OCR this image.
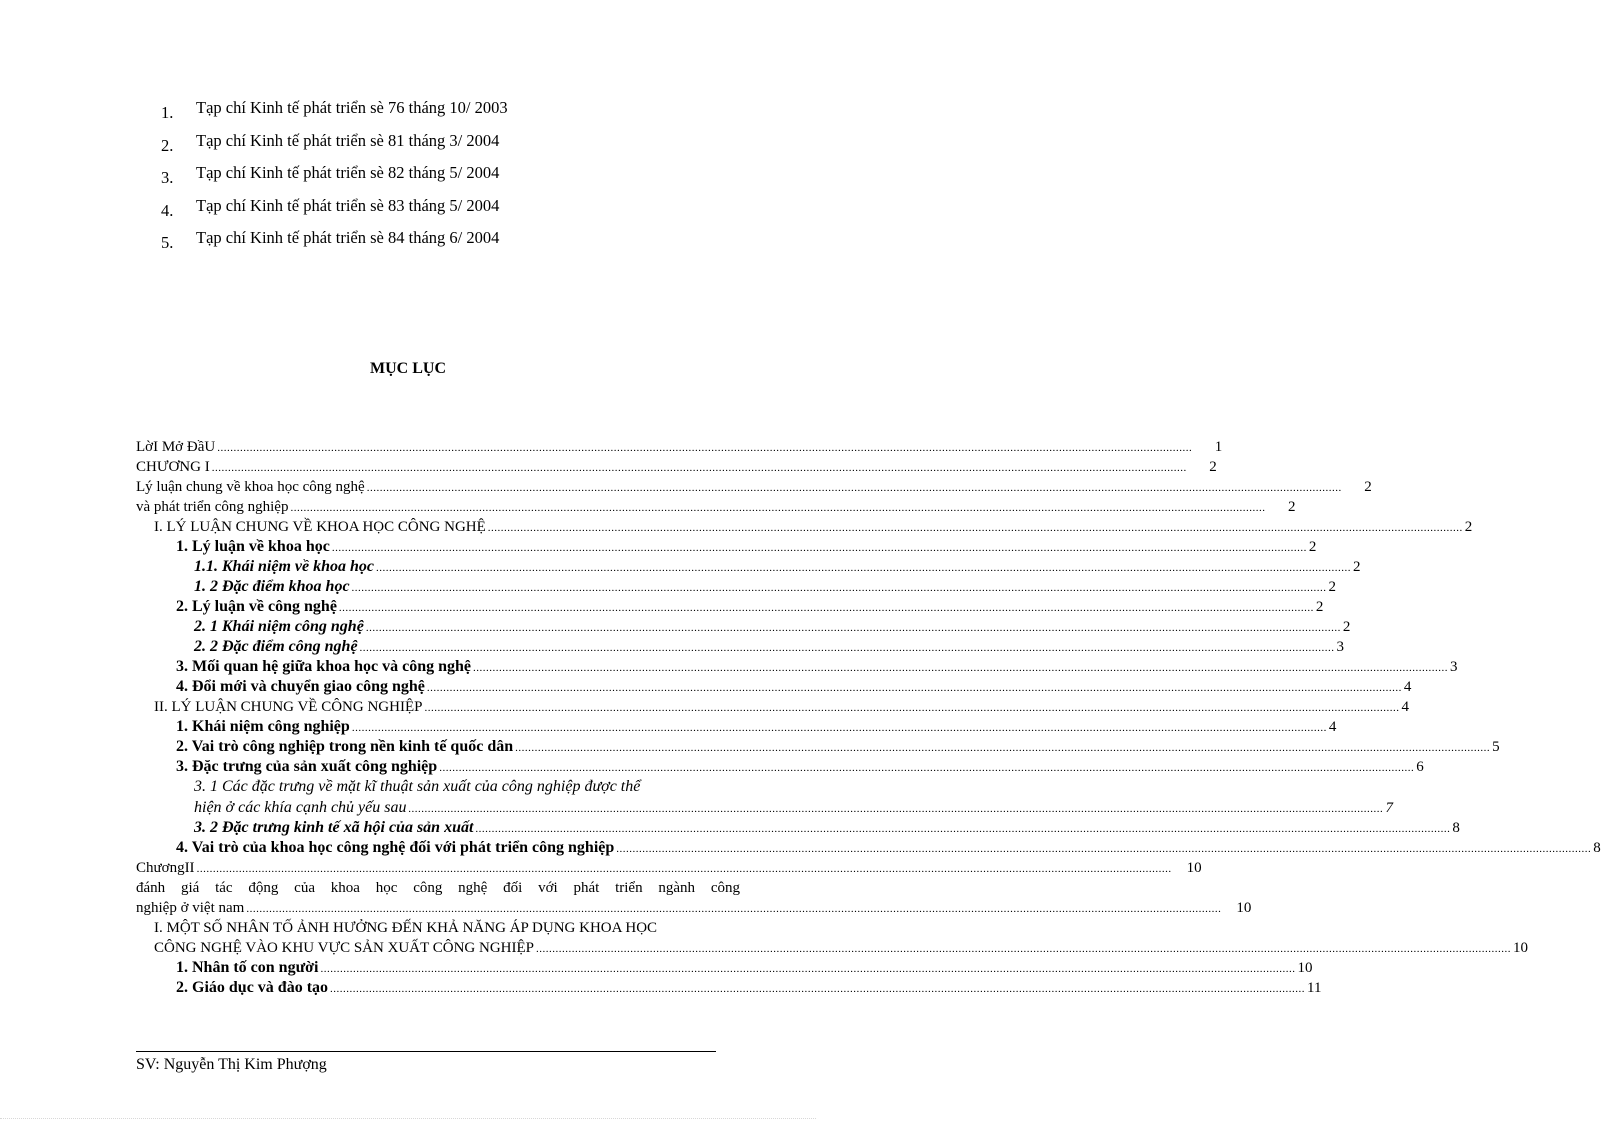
1. Tạp chí Kinh tế phát triển sè 76 tháng 10/ 2003
2. Tạp chí Kinh tế phát triển sè 81 tháng 3/ 2004
3. Tạp chí Kinh tế phát triển sè 82 tháng 5/ 2004
4. Tạp chí Kinh tế phát triển sè 83 tháng 5/ 2004
5. Tạp chí Kinh tế phát triển sè 84 tháng 6/ 2004
MỤC LỤC
LờI Mở ĐầU ............................................................................................................................................................................................................................................................................................................	1
CHƯƠNG I ............................................................................................................................................................................................................................................................................................................	2
Lý luận chung về khoa học công nghệ ............................................................................................................................................................................................................................................................................................................	2
và phát triển công nghiệp ............................................................................................................................................................................................................................................................................................................	2
I. LÝ LUẬN CHUNG VỀ KHOA HỌC CÔNG NGHỆ ............................................................................................................................................................................................................................................................................................................ 2
1. Lý luận về khoa học ............................................................................................................................................................................................................................................................................................................ 2
1.1. Khái niệm về khoa học ............................................................................................................................................................................................................................................................................................................ 2
1. 2 Đặc điểm khoa học ............................................................................................................................................................................................................................................................................................................ 2
2. Lý luận về công nghệ ............................................................................................................................................................................................................................................................................................................ 2
2. 1 Khái niệm công nghệ ............................................................................................................................................................................................................................................................................................................ 2
2. 2 Đặc điểm công nghệ ............................................................................................................................................................................................................................................................................................................ 3
3. Mối quan hệ giữa khoa học và công nghệ ............................................................................................................................................................................................................................................................................................................ 3
4. Đổi mới và chuyển giao công nghệ ............................................................................................................................................................................................................................................................................................................ 4
II. LÝ LUẬN CHUNG VỀ CÔNG NGHIỆP ............................................................................................................................................................................................................................................................................................................ 4
1. Khái niệm công nghiệp ............................................................................................................................................................................................................................................................................................................ 4
2. Vai trò công nghiệp trong nền kinh tế quốc dân ............................................................................................................................................................................................................................................................................................................ 5
3. Đặc trưng của sản xuất công nghiệp ............................................................................................................................................................................................................................................................................................................ 6
3. 1 Các đặc trưng về mặt kĩ thuật sản xuất của công nghiệp được thể
hiện ở các khía cạnh chủ yếu sau ............................................................................................................................................................................................................................................................................................................ 7
3. 2 Đặc trưng kinh tế xã hội của sản xuất ............................................................................................................................................................................................................................................................................................................ 8
4. Vai trò của khoa học công nghệ đối với phát triển công nghiệp ............................................................................................................................................................................................................................................................................................................ 8
ChươngII ............................................................................................................................................................................................................................................................................................................	10
đánh giá tác động của khoa học công nghệ đối với phát triển ngành công
nghiệp ở việt nam ............................................................................................................................................................................................................................................................................................................	10
I. MỘT SỐ NHÂN TỐ ẢNH HƯỞNG ĐẾN KHẢ NĂNG ÁP DỤNG KHOA HỌC
CÔNG NGHỆ VÀO KHU VỰC SẢN XUẤT CÔNG NGHIỆP ............................................................................................................................................................................................................................................................................................................ 10
1. Nhân tố con người ............................................................................................................................................................................................................................................................................................................ 10
2. Giáo dục và đào tạo ............................................................................................................................................................................................................................................................................................................ 11
SV: Nguyễn Thị Kim Phượng
